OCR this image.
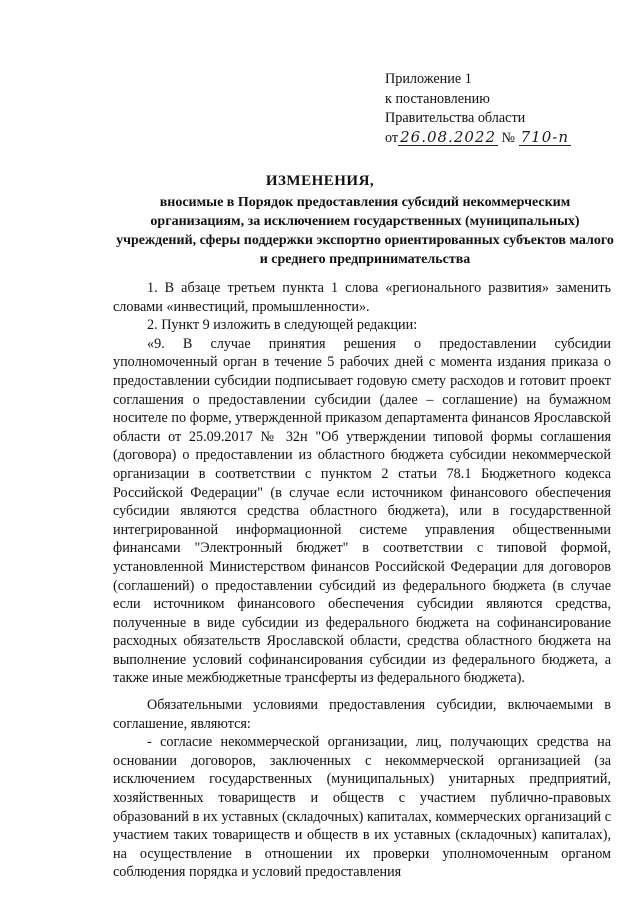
Приложение 1
к постановлению
Правительства области
от 26.08.2022 № 710-п
ИЗМЕНЕНИЯ,
вносимые в Порядок предоставления субсидий некоммерческим организациям, за исключением государственных (муниципальных) учреждений, сферы поддержки экспортно ориентированных субъектов малого и среднего предпринимательства

1. В абзаце третьем пункта 1 слова «регионального развития» заменить словами «инвестиций, промышленности».

2. Пункт 9 изложить в следующей редакции:

«9. В случае принятия решения о предоставлении субсидии уполномоченный орган в течение 5 рабочих дней с момента издания приказа о предоставлении субсидии подписывает годовую смету расходов и готовит проект соглашения о предоставлении субсидии (далее – соглашение) на бумажном носителе по форме, утвержденной приказом департамента финансов Ярославской области от 25.09.2017 № 32н "Об утверждении типовой формы соглашения (договора) о предоставлении из областного бюджета субсидии некоммерческой организации в соответствии с пунктом 2 статьи 78.1 Бюджетного кодекса Российской Федерации" (в случае если источником финансового обеспечения субсидии являются средства областного бюджета), или в государственной интегрированной информационной системе управления общественными финансами "Электронный бюджет" в соответствии с типовой формой, установленной Министерством финансов Российской Федерации для договоров (соглашений) о предоставлении субсидий из федерального бюджета (в случае если источником финансового обеспечения субсидии являются средства, полученные в виде субсидии из федерального бюджета на софинансирование расходных обязательств Ярославской области, средства областного бюджета на выполнение условий софинансирования субсидии из федерального бюджета, а также иные межбюджетные трансферты из федерального бюджета).

Обязательными условиями предоставления субсидии, включаемыми в соглашение, являются:

- согласие некоммерческой организации, лиц, получающих средства на основании договоров, заключенных с некоммерческой организацией (за исключением государственных (муниципальных) унитарных предприятий, хозяйственных товариществ и обществ с участием публично-правовых образований в их уставных (складочных) капиталах, коммерческих организаций с участием таких товариществ и обществ в их уставных (складочных) капиталах), на осуществление в отношении их проверки уполномоченным органом соблюдения порядка и условий предоставления
